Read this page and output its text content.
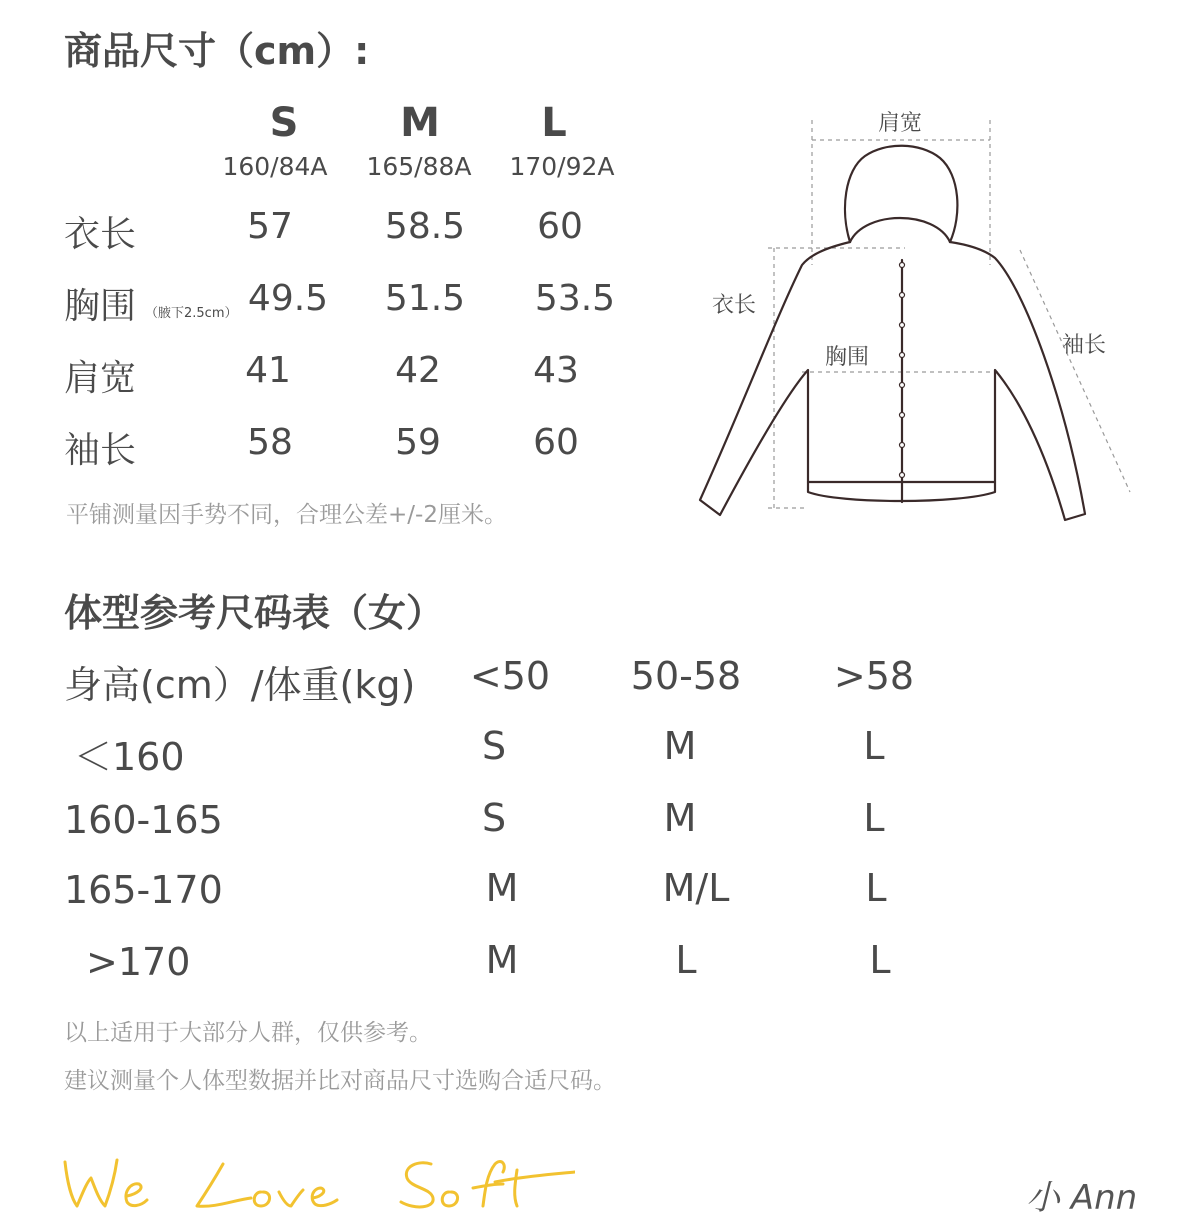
商品尺寸（cm）:
S	M	L
160/84A	165/88A	170/92A
衣长	57	58.5	60
胸围 （腋下2.5cm） 49.5	51.5	53.5
肩宽	41	42	43
袖长	58	59	60
平铺测量因手势不同，合理公差+/-2厘米。
肩宽
衣长
胸围	袖长
体型参考尺码表（女）
身高(cm）/体重(kg)	<50	50-58	>58
＜160	S	M	L
160-165	S	M	L
165-170	M	M/L	L
>170	M	L	L
以上适用于大部分人群，仅供参考。
建议测量个人体型数据并比对商品尺寸选购合适尺码。
小 Ann
